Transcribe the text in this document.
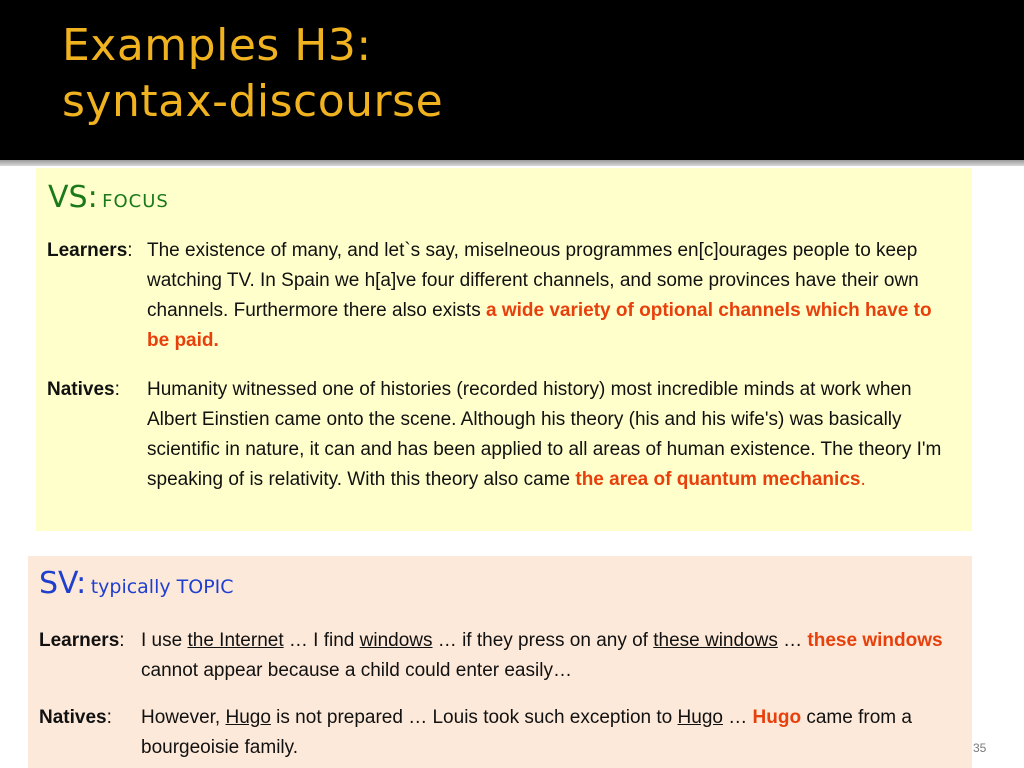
Examples H3:
syntax-discourse
VS: FOCUS
Learners: The existence of many, and let`s say, miselneous programmes en[c]ourages people to keep watching TV. In Spain we h[a]ve four different channels, and some provinces have their own channels. Furthermore there also exists a wide variety of optional channels which have to be paid.
Natives: Humanity witnessed one of histories (recorded history) most incredible minds at work when Albert Einstien came onto the scene. Although his theory (his and his wife's) was basically scientific in nature, it can and has been applied to all areas of human existence. The theory I'm speaking of is relativity. With this theory also came the area of quantum mechanics.
SV: typically TOPIC
Learners: I use the Internet … I find windows … if they press on any of these windows … these windows cannot appear because a child could enter easily…
Natives: However, Hugo is not prepared … Louis took such exception to Hugo … Hugo came from a bourgeoisie family.	35
